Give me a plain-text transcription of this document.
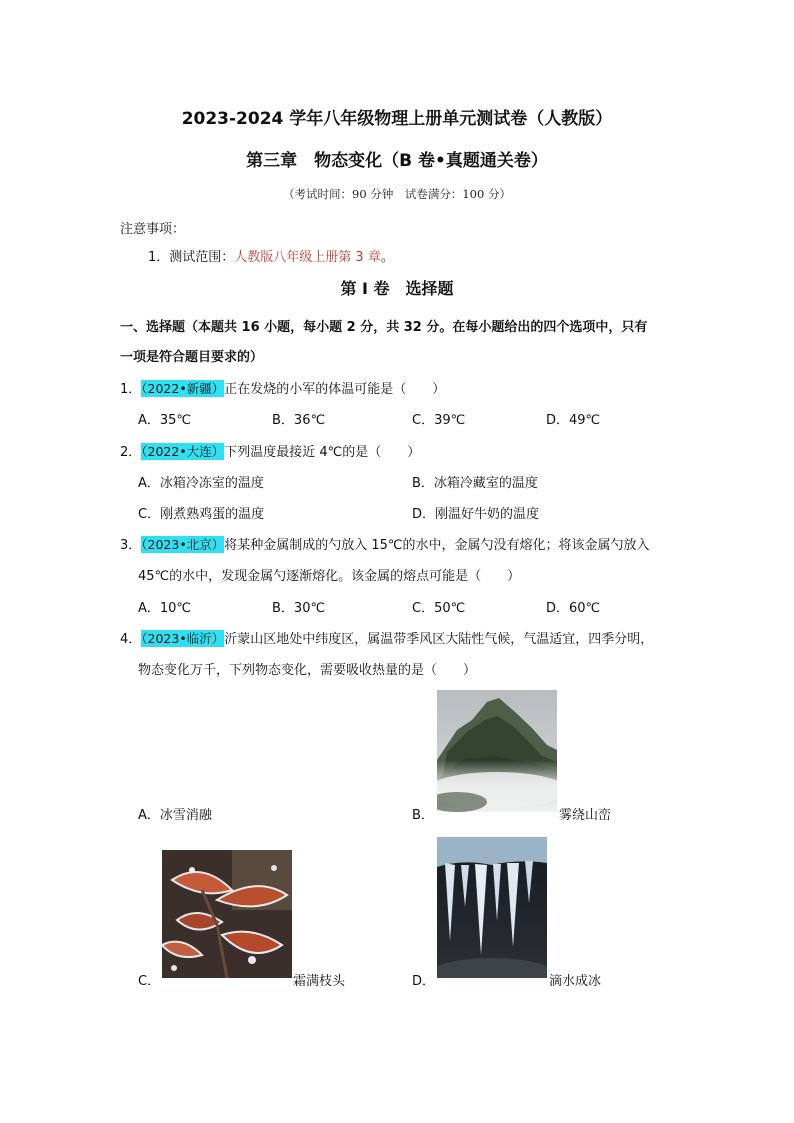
2023-2024 学年八年级物理上册单元测试卷（人教版）
第三章　物态变化（B 卷•真题通关卷）
（考试时间：90 分钟　试卷满分：100 分）
注意事项：
1．测试范围：人教版八年级上册第 3 章。
第 I 卷　选择题
一、选择题（本题共 16 小题，每小题 2 分，共 32 分。在每小题给出的四个选项中，只有
一项是符合题目要求的）
1．（2022•新疆）正在发烧的小军的体温可能是（　　）
A．35℃	B．36℃	C．39℃	D．49℃
2．（2022•大连）下列温度最接近 4℃的是（　　）
A．冰箱冷冻室的温度	B．冰箱冷藏室的温度
C．刚煮熟鸡蛋的温度	D．刚温好牛奶的温度
3．（2023•北京）将某种金属制成的勺放入 15℃的水中，金属勺没有熔化；将该金属勺放入
45℃的水中，发现金属勺逐渐熔化。该金属的熔点可能是（　　）
A．10℃	B．30℃	C．50℃	D．60℃
4．（2023•临沂）沂蒙山区地处中纬度区，属温带季风区大陆性气候，气温适宜，四季分明，
物态变化万千，下列物态变化，需要吸收热量的是（　　）
A．冰雪消融	B．	雾绕山峦
C．	霜满枝头	D．	滴水成冰
